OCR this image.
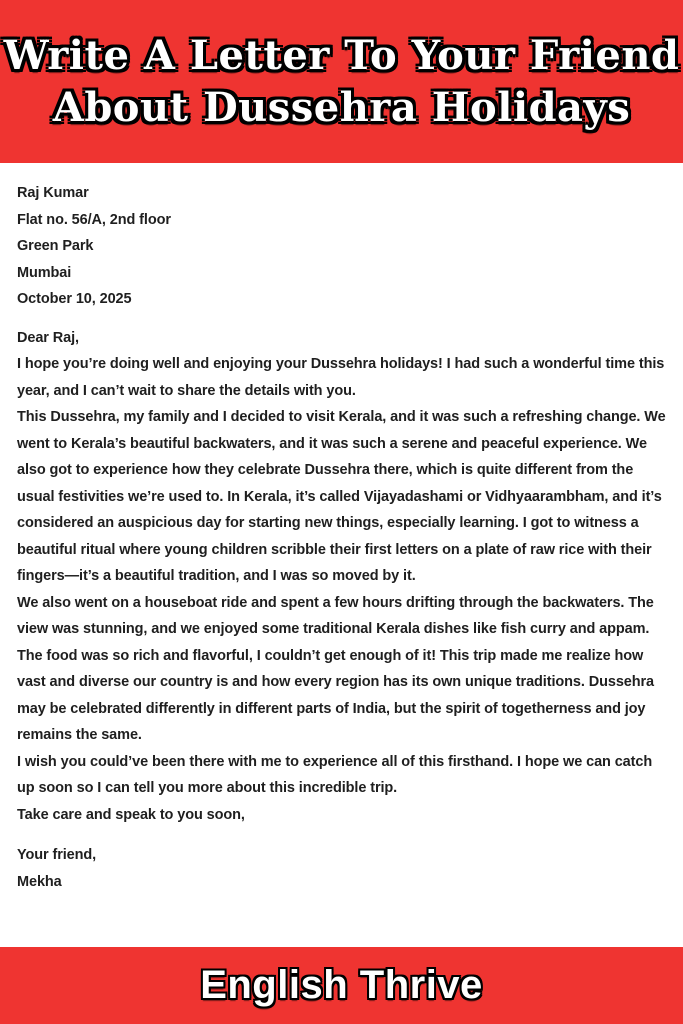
Write A Letter To Your Friend
About Dussehra Holidays

Raj Kumar

Flat no. 56/A, 2nd floor

Green Park

Mumbai

October 10, 2025

Dear Raj,

I hope you’re doing well and enjoying your Dussehra holidays! I had such a wonderful time this year, and I can’t wait to share the details with you.

This Dussehra, my family and I decided to visit Kerala, and it was such a refreshing change. We went to Kerala’s beautiful backwaters, and it was such a serene and peaceful experience. We also got to experience how they celebrate Dussehra there, which is quite different from the usual festivities we’re used to. In Kerala, it’s called Vijayadashami or Vidhyaarambham, and it’s considered an auspicious day for starting new things, especially learning. I got to witness a beautiful ritual where young children scribble their first letters on a plate of raw rice with their fingers—it’s a beautiful tradition, and I was so moved by it.

We also went on a houseboat ride and spent a few hours drifting through the backwaters. The view was stunning, and we enjoyed some traditional Kerala dishes like fish curry and appam. The food was so rich and flavorful, I couldn’t get enough of it! This trip made me realize how vast and diverse our country is and how every region has its own unique traditions. Dussehra may be celebrated differently in different parts of India, but the spirit of togetherness and joy remains the same.

I wish you could’ve been there with me to experience all of this firsthand. I hope we can catch up soon so I can tell you more about this incredible trip.

Take care and speak to you soon,

Your friend,

Mekha

English Thrive
